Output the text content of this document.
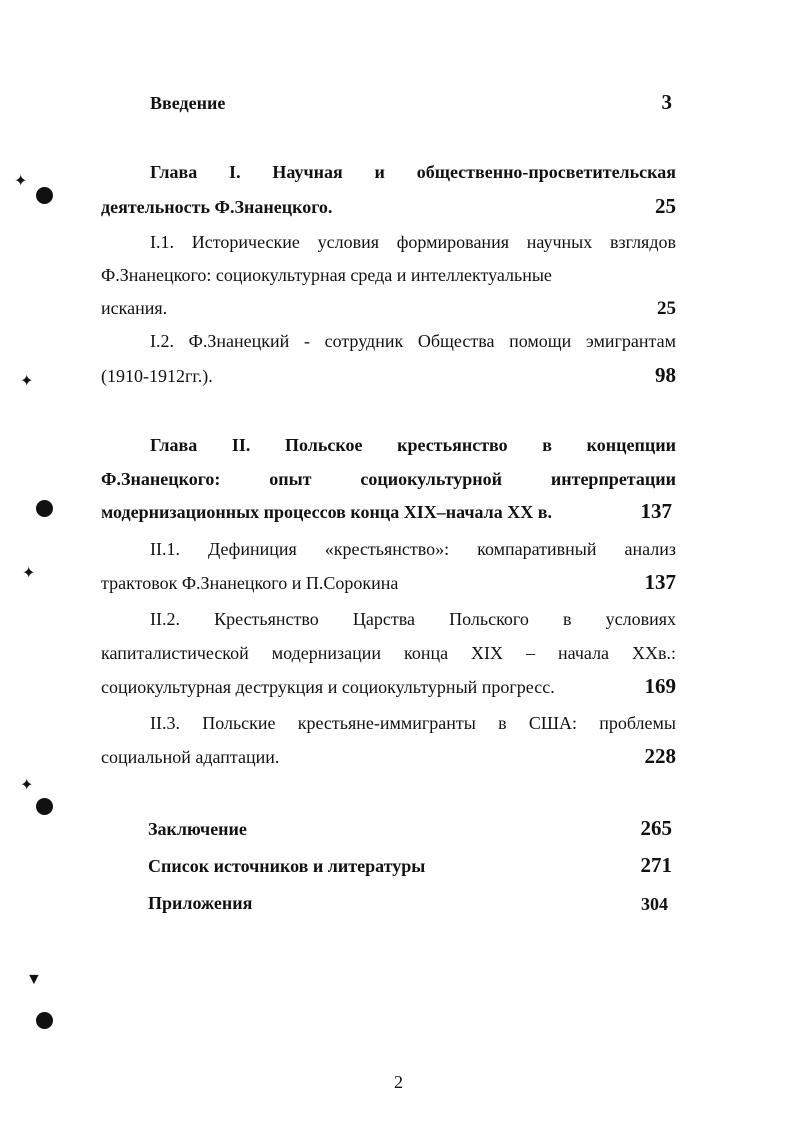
✦
✦
✦
✦
▼
Введение	3
Глава I. Научная и общественно-просветительская
деятельность Ф.Знанецкого.	25
I.1. Исторические условия формирования научных взглядов
Ф.Знанецкого: социокультурная среда и интеллектуальные
искания.	25
I.2. Ф.Знанецкий - сотрудник Общества помощи эмигрантам
(1910-1912гг.).	98
Глава II. Польское крестьянство в концепции
Ф.Знанецкого: опыт социокультурной интерпретации
модернизационных процессов конца XIX–начала XX в.	137
II.1. Дефиниция «крестьянство»: компаративный анализ
трактовок Ф.Знанецкого и П.Сорокина	137
II.2. Крестьянство Царства Польского в условиях
капиталистической модернизации конца XIX – начала XXв.:
социокультурная деструкция и социокультурный прогресс.	169
II.3. Польские крестьяне-иммигранты в США: проблемы
социальной адаптации.	228
Заключение	265
Список источников и литературы	271
Приложения	304
2
